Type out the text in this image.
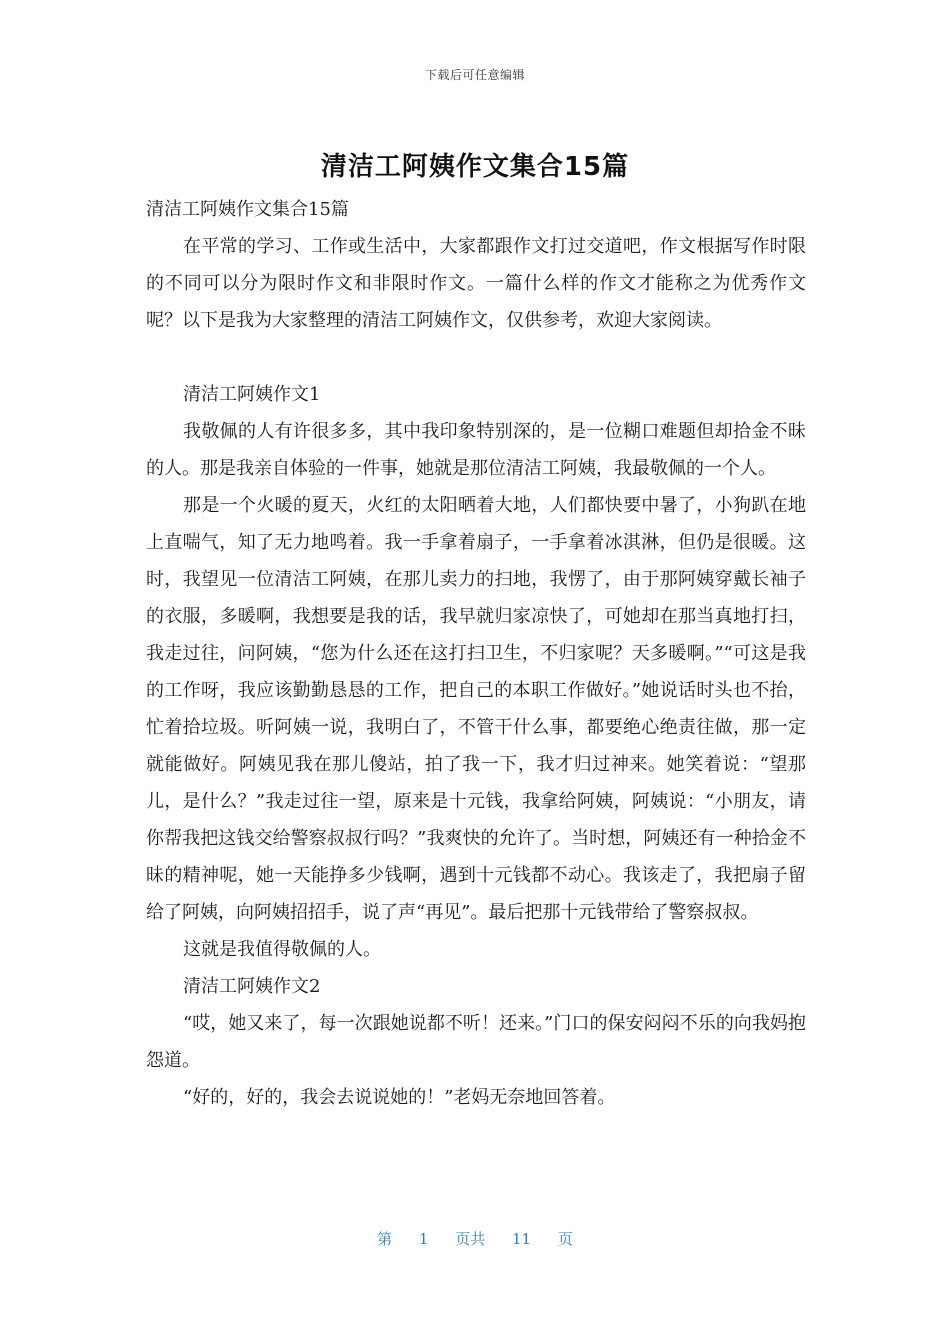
下载后可任意编辑
清洁工阿姨作文集合15篇

清洁工阿姨作文集合15篇

在平常的学习、工作或生活中，大家都跟作文打过交道吧，作文根据写作时限的不同可以分为限时作文和非限时作文。一篇什么样的作文才能称之为优秀作文呢？以下是我为大家整理的清洁工阿姨作文，仅供参考，欢迎大家阅读。

清洁工阿姨作文1

我敬佩的人有许很多多，其中我印象特别深的，是一位糊口难题但却拾金不昧的人。那是我亲自体验的一件事，她就是那位清洁工阿姨，我最敬佩的一个人。

那是一个火暖的夏天，火红的太阳晒着大地，人们都快要中暑了，小狗趴在地上直喘气，知了无力地鸣着。我一手拿着扇子，一手拿着冰淇淋，但仍是很暖。这时，我望见一位清洁工阿姨，在那儿卖力的扫地，我愣了，由于那阿姨穿戴长袖子的衣服，多暖啊，我想要是我的话，我早就归家凉快了，可她却在那当真地打扫，我走过往，问阿姨，“您为什么还在这打扫卫生，不归家呢？天多暖啊。”“可这是我的工作呀，我应该勤勤恳恳的工作，把自己的本职工作做好。”她说话时头也不抬，忙着拾垃圾。听阿姨一说，我明白了，不管干什么事，都要绝心绝责往做，那一定就能做好。阿姨见我在那儿傻站，拍了我一下，我才归过神来。她笑着说：“望那儿，是什么？”我走过往一望，原来是十元钱，我拿给阿姨，阿姨说：“小朋友，请你帮我把这钱交给警察叔叔行吗？”我爽快的允许了。当时想，阿姨还有一种拾金不昧的精神呢，她一天能挣多少钱啊，遇到十元钱都不动心。我该走了，我把扇子留给了阿姨，向阿姨招招手，说了声“再见”。最后把那十元钱带给了警察叔叔。

这就是我值得敬佩的人。

清洁工阿姨作文2

“哎，她又来了，每一次跟她说都不听！还来。”门口的保安闷闷不乐的向我妈抱怨道。

“好的，好的，我会去说说她的！”老妈无奈地回答着。

第 1 页共 11 页
